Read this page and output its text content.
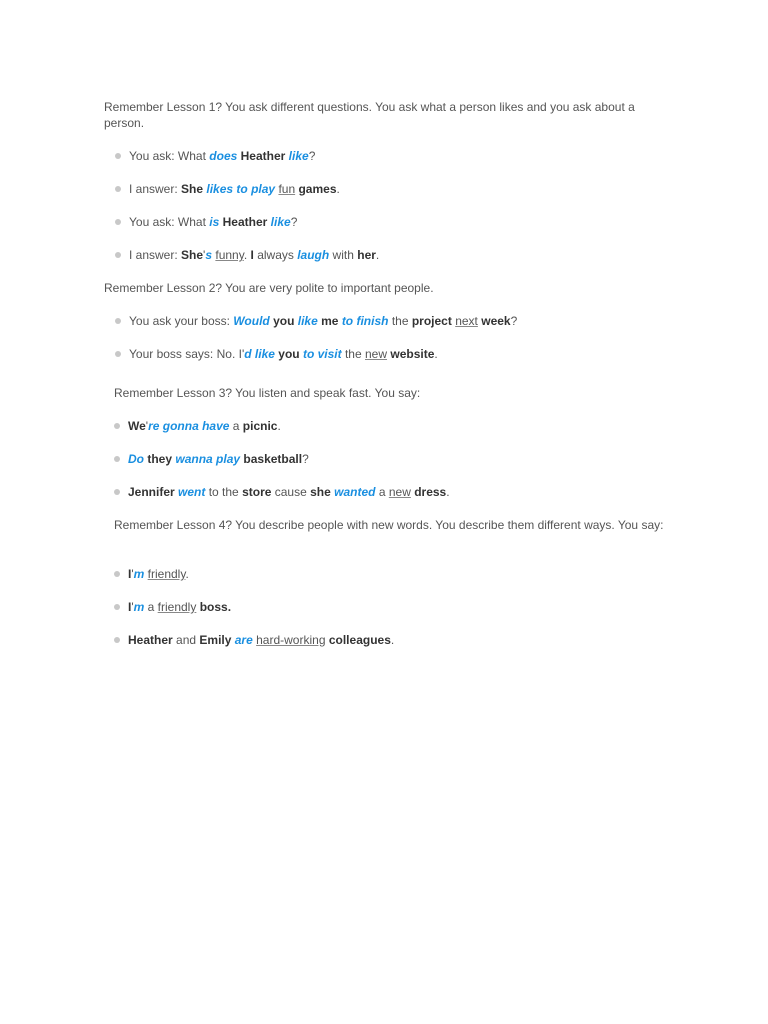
Remember Lesson 1? You ask different questions. You ask what a person likes and you ask about a person.

You ask: What does Heather like?
I answer: She likes to play fun games.
You ask: What is Heather like?
I answer: She's funny. I always laugh with her.

Remember Lesson 2? You are very polite to important people.

You ask your boss: Would you like me to finish the project next week?
Your boss says: No. I'd like you to visit the new website.

Remember Lesson 3? You listen and speak fast. You say:

We're gonna have a picnic.
Do they wanna play basketball?
Jennifer went to the store cause she wanted a new dress.

Remember Lesson 4? You describe people with new words. You describe them different ways. You say:

I'm friendly.
I'm a friendly boss.
Heather and Emily are hard-working colleagues.
